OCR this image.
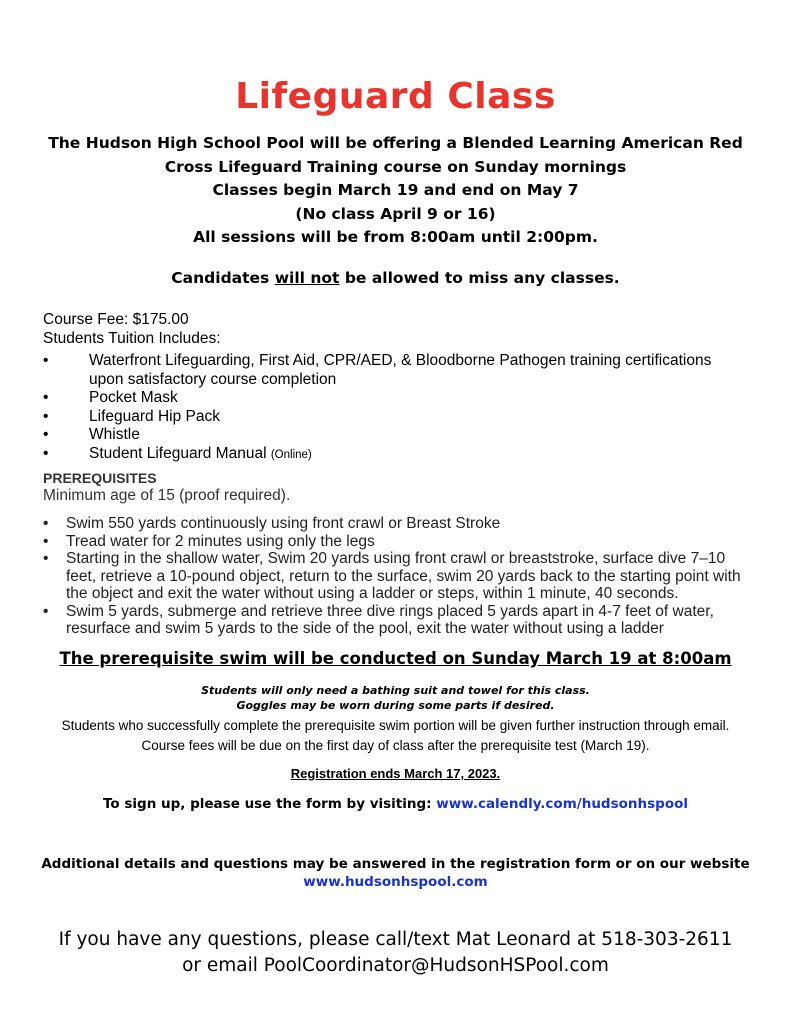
Lifeguard Class
The Hudson High School Pool will be offering a Blended Learning American Red
Cross Lifeguard Training course on Sunday mornings
Classes begin March 19 and end on May 7
(No class April 9 or 16)
All sessions will be from 8:00am until 2:00pm.
Candidates will not be allowed to miss any classes.
Course Fee: $175.00
Students Tuition Includes:
•	Waterfront Lifeguarding, First Aid, CPR/AED, & Bloodborne Pathogen training certifications upon satisfactory course completion
•	Pocket Mask
•	Lifeguard Hip Pack
•	Whistle
•	Student Lifeguard Manual (Online)
PREREQUISITES
Minimum age of 15 (proof required).
• Swim 550 yards continuously using front crawl or Breast Stroke
• Tread water for 2 minutes using only the legs
• Starting in the shallow water, Swim 20 yards using front crawl or breaststroke, surface dive 7–10 feet, retrieve a 10-pound object, return to the surface, swim 20 yards back to the starting point with the object and exit the water without using a ladder or steps, within 1 minute, 40 seconds.
• Swim 5 yards, submerge and retrieve three dive rings placed 5 yards apart in 4-7 feet of water, resurface and swim 5 yards to the side of the pool, exit the water without using a ladder
The prerequisite swim will be conducted on Sunday March 19 at 8:00am
Students will only need a bathing suit and towel for this class.
Goggles may be worn during some parts if desired.
Students who successfully complete the prerequisite swim portion will be given further instruction through email. Course fees will be due on the first day of class after the prerequisite test (March 19).
Registration ends March 17, 2023.
To sign up, please use the form by visiting: www.calendly.com/hudsonhspool
Additional details and questions may be answered in the registration form or on our website
www.hudsonhspool.com
If you have any questions, please call/text Mat Leonard at 518-303-2611
or email PoolCoordinator@HudsonHSPool.com
